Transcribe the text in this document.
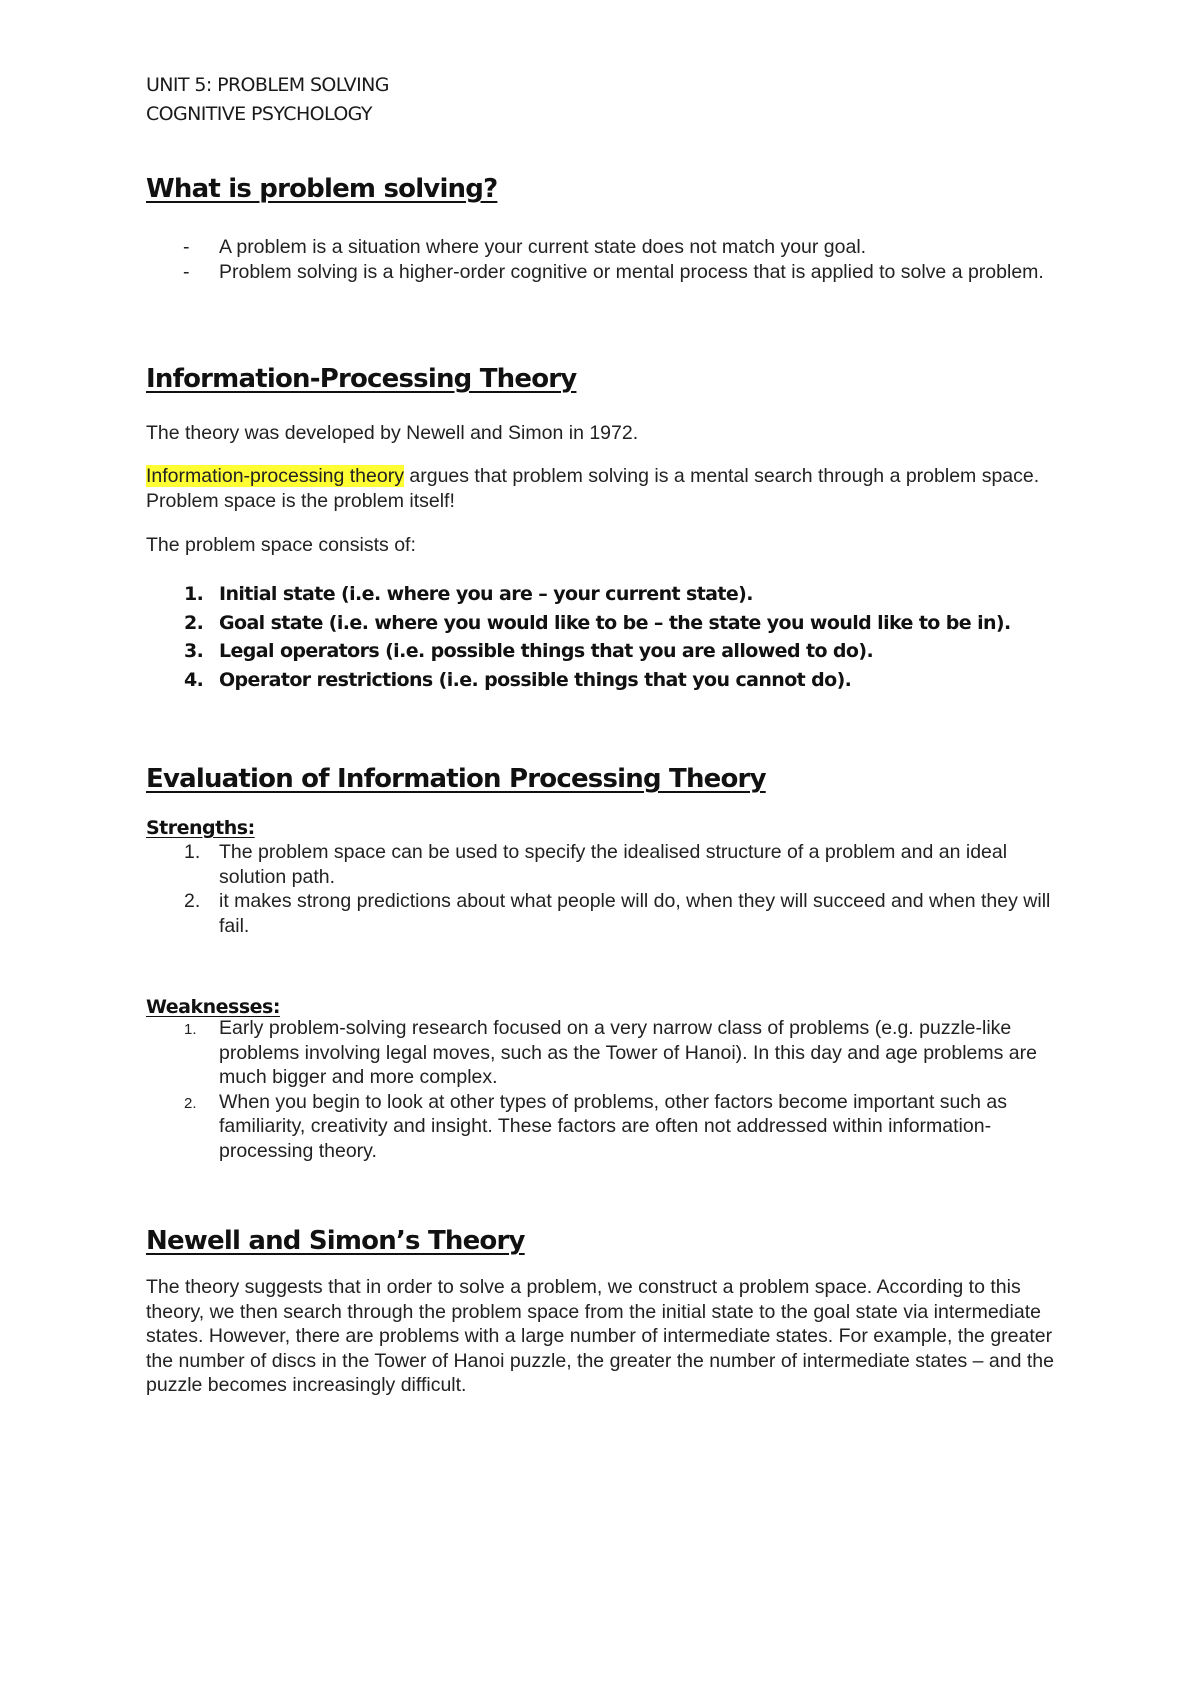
UNIT 5: PROBLEM SOLVING
COGNITIVE PSYCHOLOGY
What is problem solving?
- A problem is a situation where your current state does not match your goal.
- Problem solving is a higher-order cognitive or mental process that is applied to solve a problem.
Information-Processing Theory
The theory was developed by Newell and Simon in 1972.
Information-processing theory argues that problem solving is a mental search through a problem space. Problem space is the problem itself!
The problem space consists of:
1. Initial state (i.e. where you are – your current state).
2. Goal state (i.e. where you would like to be – the state you would like to be in).
3. Legal operators (i.e. possible things that you are allowed to do).
4. Operator restrictions (i.e. possible things that you cannot do).
Evaluation of Information Processing Theory
Strengths:
1. The problem space can be used to specify the idealised structure of a problem and an ideal solution path.
2. it makes strong predictions about what people will do, when they will succeed and when they will fail.
Weaknesses:
1. Early problem-solving research focused on a very narrow class of problems (e.g. puzzle-like problems involving legal moves, such as the Tower of Hanoi). In this day and age problems are much bigger and more complex.
2. When you begin to look at other types of problems, other factors become important such as familiarity, creativity and insight. These factors are often not addressed within information-processing theory.
Newell and Simon’s Theory
The theory suggests that in order to solve a problem, we construct a problem space. According to this theory, we then search through the problem space from the initial state to the goal state via intermediate states. However, there are problems with a large number of intermediate states. For example, the greater the number of discs in the Tower of Hanoi puzzle, the greater the number of intermediate states – and the puzzle becomes increasingly difficult.
